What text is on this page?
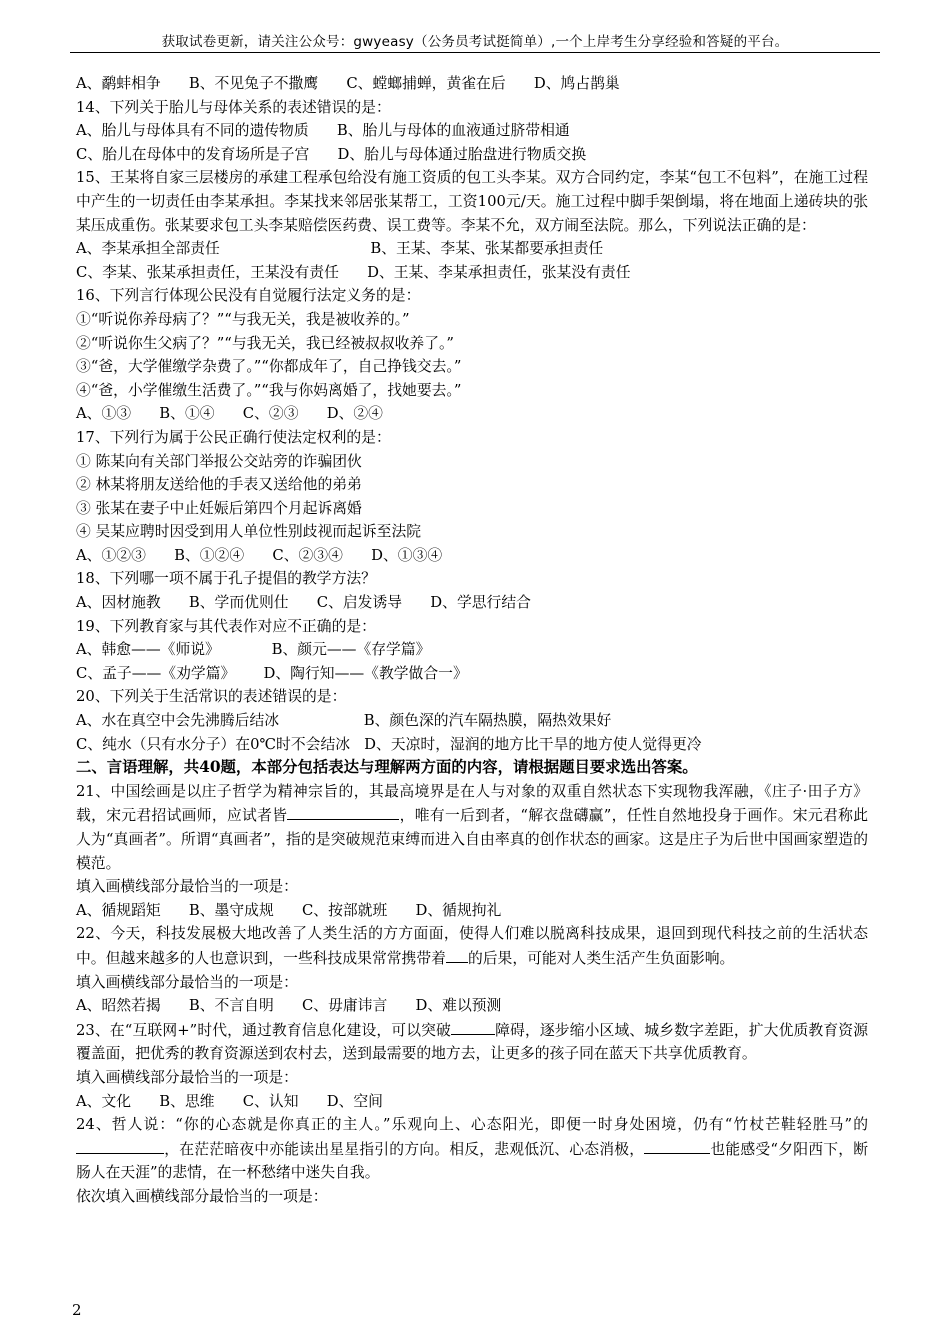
获取试卷更新，请关注公众号：gwyeasy（公务员考试挺简单）,一个上岸考生分享经验和答疑的平台。

A、鹬蚌相争      B、不见兔子不撒鹰      C、螳螂捕蝉，黄雀在后      D、鸠占鹊巢

14、下列关于胎儿与母体关系的表述错误的是：

A、胎儿与母体具有不同的遗传物质      B、胎儿与母体的血液通过脐带相通

C、胎儿在母体中的发育场所是子宫      D、胎儿与母体通过胎盘进行物质交换

15、王某将自家三层楼房的承建工程承包给没有施工资质的包工头李某。双方合同约定，李某“包工不包料”，在施工过程中产生的一切责任由李某承担。李某找来邻居张某帮工，工资100元/天。施工过程中脚手架倒塌，将在地面上递砖块的张某压成重伤。张某要求包工头李某赔偿医药费、误工费等。李某不允，双方闹至法院。那么，下列说法正确的是：

A、李某承担全部责任                                B、王某、李某、张某都要承担责任

C、李某、张某承担责任，王某没有责任      D、王某、李某承担责任，张某没有责任

16、下列言行体现公民没有自觉履行法定义务的是：

①“听说你养母病了？”“与我无关，我是被收养的。”

②“听说你生父病了？”“与我无关，我已经被叔叔收养了。”

③“爸，大学催缴学杂费了。”“你都成年了，自己挣钱交去。”

④“爸，小学催缴生活费了。”“我与你妈离婚了，找她要去。”

A、①③      B、①④      C、②③      D、②④

17、下列行为属于公民正确行使法定权利的是：

① 陈某向有关部门举报公交站旁的诈骗团伙

② 林某将朋友送给他的手表又送给他的弟弟

③ 张某在妻子中止妊娠后第四个月起诉离婚

④ 吴某应聘时因受到用人单位性别歧视而起诉至法院

A、①②③      B、①②④      C、②③④      D、①③④

18、下列哪一项不属于孔子提倡的教学方法？

A、因材施教      B、学而优则仕      C、启发诱导      D、学思行结合

19、下列教育家与其代表作对应不正确的是：

A、韩愈——《师说》           B、颜元——《存学篇》

C、孟子——《劝学篇》      D、陶行知——《教学做合一》

20、下列关于生活常识的表述错误的是：

A、水在真空中会先沸腾后结冰                  B、颜色深的汽车隔热膜，隔热效果好

C、纯水（只有水分子）在0℃时不会结冰   D、天凉时，湿润的地方比干旱的地方使人觉得更冷

二、言语理解，共40题，本部分包括表达与理解两方面的内容，请根据题目要求选出答案。

21、中国绘画是以庄子哲学为精神宗旨的，其最高境界是在人与对象的双重自然状态下实现物我浑融，《庄子·田子方》载，宋元君招试画师，应试者皆	，唯有一后到者，“解衣盘礴赢”，任性自然地投身于画作。宋元君称此人为“真画者”。所谓“真画者”，指的是突破规范束缚而进入自由率真的创作状态的画家。这是庄子为后世中国画家塑造的模范。

填入画横线部分最恰当的一项是：

A、循规蹈矩      B、墨守成规      C、按部就班      D、循规拘礼

22、今天，科技发展极大地改善了人类生活的方方面面，使得人们难以脱离科技成果，退回到现代科技之前的生活状态中。但越来越多的人也意识到，一些科技成果常常携带着 的后果，可能对人类生活产生负面影响。

填入画横线部分最恰当的一项是：

A、昭然若揭      B、不言自明      C、毋庸讳言      D、难以预测

23、在“互联网+”时代，通过教育信息化建设，可以突破	障碍，逐步缩小区域、城乡数字差距，扩大优质教育资源覆盖面，把优秀的教育资源送到农村去，送到最需要的地方去，让更多的孩子同在蓝天下共享优质教育。

填入画横线部分最恰当的一项是：

A、文化      B、思维      C、认知      D、空间

24、哲人说：“你的心态就是你真正的主人。”乐观向上、心态阳光，即便一时身处困境，仍有“竹杖芒鞋轻胜马”的，在茫茫暗夜中亦能读出星星指引的方向。相反，悲观低沉、心态消极，	也能感受“夕阳西下，断肠人在天涯”的悲情，在一杯愁绪中迷失自我。

依次填入画横线部分最恰当的一项是：

2
